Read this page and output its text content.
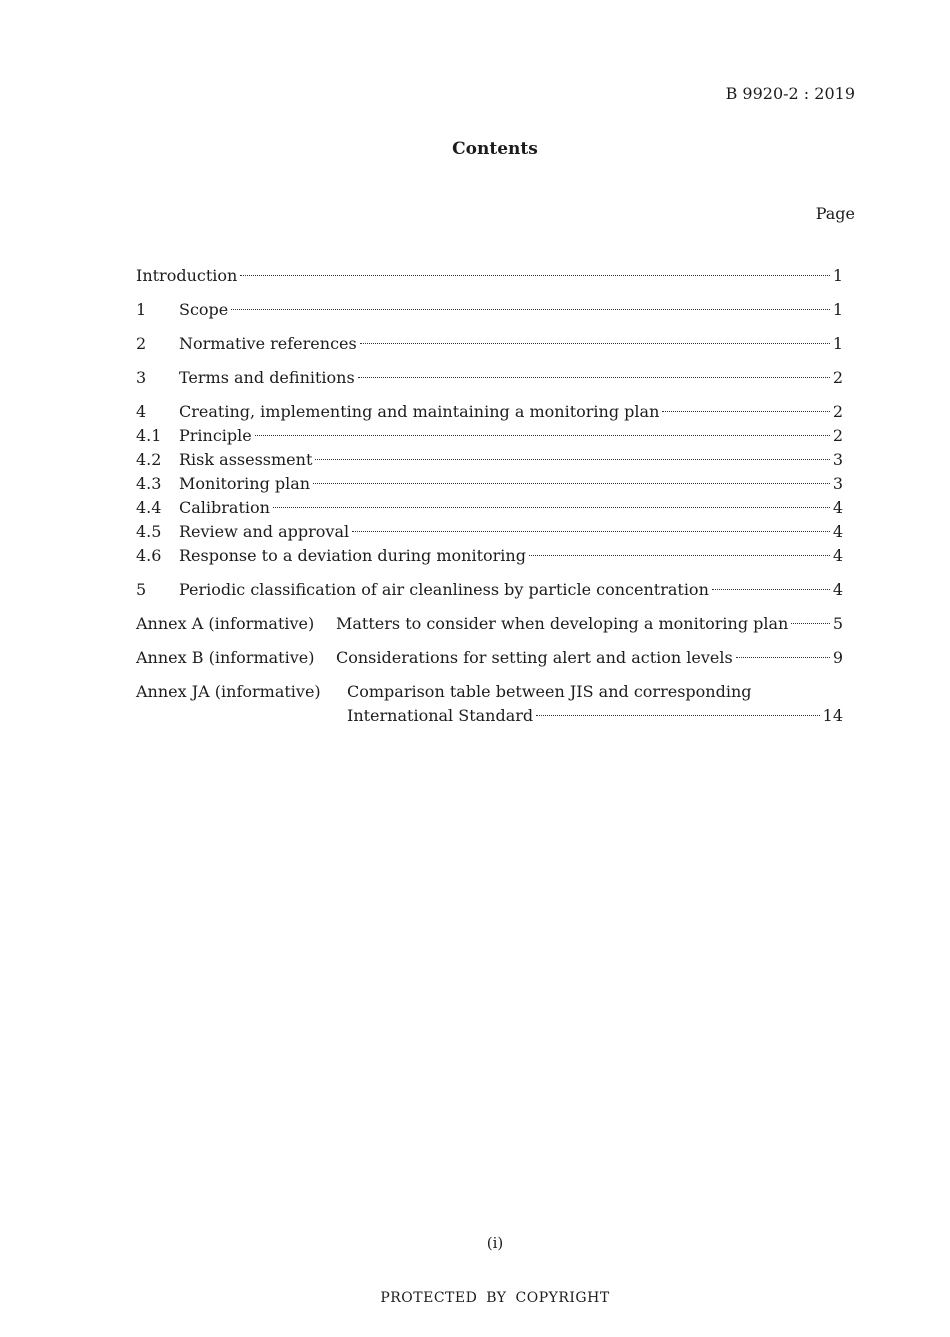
B 9920-2 : 2019
Contents
Page
Introduction	1
1	Scope	1
2	Normative references	1
3	Terms and definitions	2
4	Creating, implementing and maintaining a monitoring plan	2
4.1	Principle	2
4.2	Risk assessment	3
4.3	Monitoring plan	3
4.4	Calibration	4
4.5	Review and approval	4
4.6	Response to a deviation during monitoring	4
5	Periodic classification of air cleanliness by particle concentration	4
Annex A (informative)	Matters to consider when developing a monitoring plan	5
Annex B (informative)	Considerations for setting alert and action levels	9
Annex JA (informative)	Comparison table between JIS and corresponding
International Standard	14
(i)
PROTECTED BY COPYRIGHT
